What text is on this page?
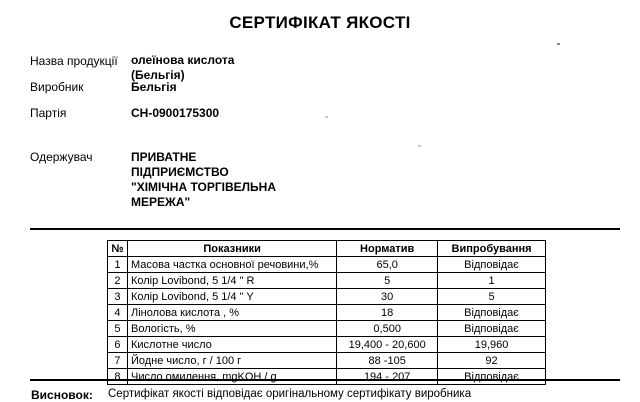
СЕРТИФІКАТ ЯКОСТІ
Назва продукції олеїнова кислота
(Бельгія)
Виробник	Бельгія
Партія	CH-0900175300
Одержувач	ПРИВАТНЕ
ПІДПРИЄМСТВО
"ХІМІЧНА ТОРГІВЕЛЬНА
МЕРЕЖА"
№	Показники	Норматив	Випробування
1	Масова частка основної речовини,%	65,0	Відповідає
2	Колір Lovibond, 5 1/4 " R	5	1
3	Колір Lovibond, 5 1/4 " Y	30	5
4	Лінолова кислота , %	18	Відповідає
5	Вологість, %	0,500	Відповідає
6	Кислотне число	19,400 - 20,600	19,960
7	Йодне число, г / 100 г	88 -105	92
8	Число омилення, mgKOH / g	194 - 207	Відповідає
Висновок: Сертифікат якості відповідає оригінальному сертифікату виробника
